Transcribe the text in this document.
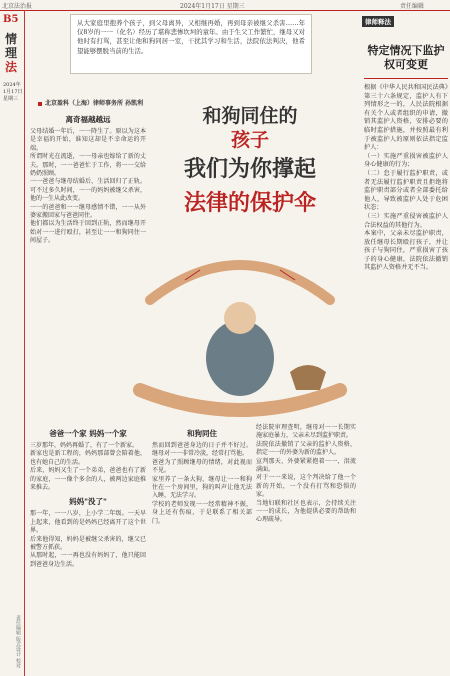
北京法治报	2024年1月17日 星期三	责任编辑
B5
情理法
2024年1月17日
星期三
责任编辑 版式设计 校对

从大家庭里抱养个孩子，到父母离异，又相继再婚，再到母亲被继父杀害……年仅8岁的一一（化名）经历了堪称悲惨坎坷的童年。由于生父工作繁忙，继母又对他时有打骂，甚至让他和狗同居一室，干扰其学习和生活，法院依法判决，他希望能够摆脱当前的生活。

北京盈科（上海）律师事务所 孙凯利
和狗同住的
孩子
我们为你撑起
法律的保护伞
离奇福越越远
父母结婚一年后，一一降生了。原以为这本是幸福的开始，谁知这却是不幸命运的开端。
所谓时光在流逝，一一母亲也嫁给了新的丈夫。那时，一一爸爸忙于工作，将一一交给奶奶照顾。
一一爸爸与继母结婚后，生活回归了正轨。可不过多久时间，一一的妈妈被继父杀害，他的一生从此改变。
一一的爸爸和一一继母感情不错，一一从外婆家搬回家与爸爸同住。
他们都以为生活终于回到正轨，然而继母开始对一一进行殴打，甚至让一一和狗同住一间屋子。
爸爸一个家 妈妈一个家
三岁那年，妈妈再婚了，有了一个新家。
新家也是新工程的，妈妈那部曾会陪着他，也有她自己的生活。
后来，妈妈又生了一个弟弟，爸爸也有了新的家庭，一一像个多余的人，被两边家庭推来推去。

妈妈"没了"
那一年，一一八岁，上小学二年级。一天早上起来，他看到的是妈妈已经离开了这个世界。
后来他得知，妈妈是被继父杀害的，继父已被警方抓获。
从那时起，一一再也没有妈妈了，他只能回到爸爸身边生活。
和狗同住
然而回到爸爸身边的日子并不好过。继母对一一非常冷淡，经常打骂他。
爸爸为了照顾继母的情绪，对此视而不见。
家里养了一条大狗，继母让一一和狗住在一个房间里，狗的叫声让他无法入睡，无法学习。
学校的老师发现一一经常精神不振，身上还有伤痕，于是联系了相关部门。
经法院审理查明，继母对一一长期实施家庭暴力，父亲未尽到监护职责。
法院依法撤销了父亲的监护人资格，指定一一的外婆为新的监护人。
宣判那天，外婆紧紧抱着一一，泪流满面。
对于一一来说，这个判决给了他一个新的开始，一个没有打骂和恐惧的家。
当地妇联和社区也表示，会持续关注一一的成长，为他提供必要的帮助和心理疏导。
律师释法
特定情况下监护权可变更
根据《中华人民共和国民法典》第三十六条规定，监护人有下列情形之一的，人民法院根据有关个人或者组织的申请，撤销其监护人资格，安排必要的临时监护措施，并按照最有利于被监护人的原则依法指定监护人：
（一）实施严重损害被监护人身心健康的行为；
（二）怠于履行监护职责，或者无法履行监护职责且拒绝将监护职责部分或者全部委托给他人，导致被监护人处于危困状态；
（三）实施严重侵害被监护人合法权益的其他行为。
本案中，父亲未尽监护职责，放任继母长期殴打孩子，并让孩子与狗同住，严重损害了孩子的身心健康，法院依法撤销其监护人资格并无不当。
